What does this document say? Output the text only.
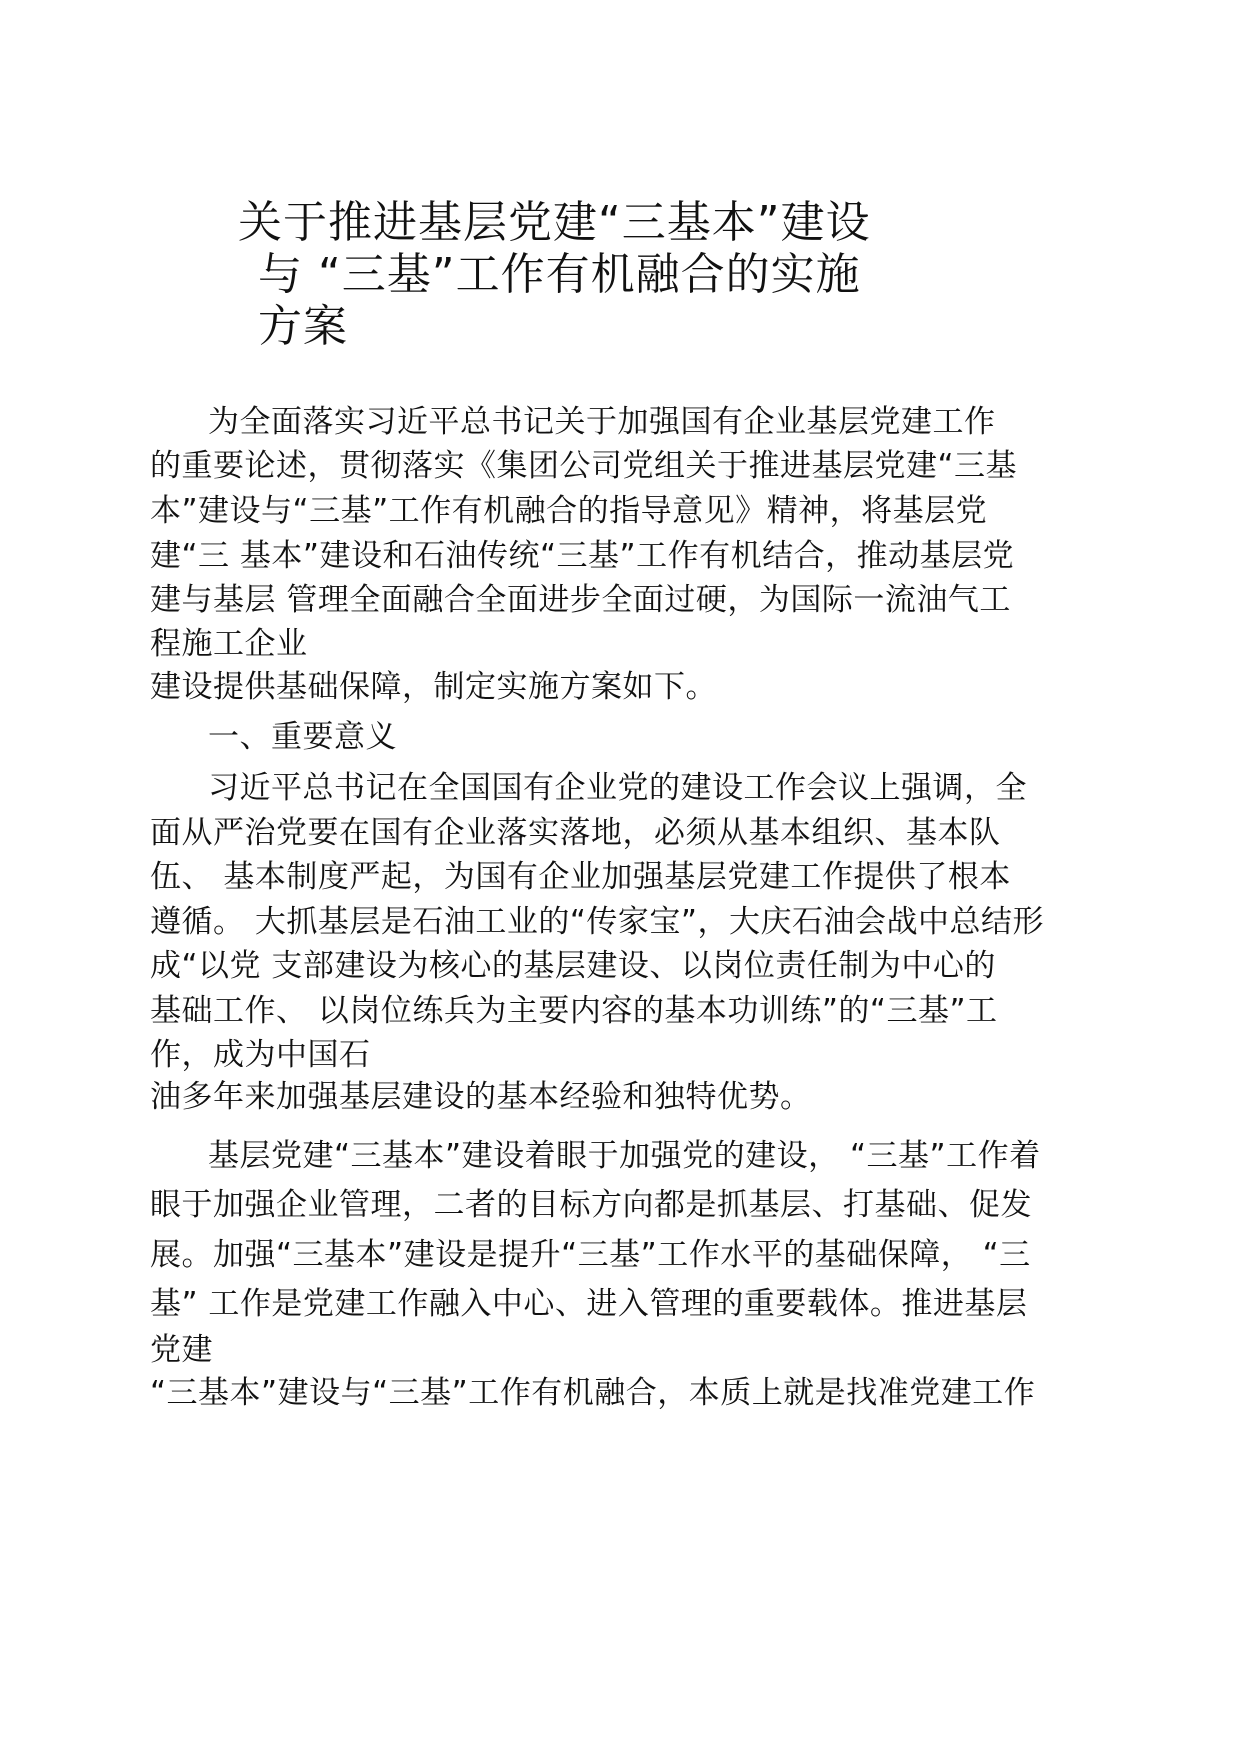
关于推进基层党建“三基本”建设
与 “三基”工作有机融合的实施
方案

为全面落实习近平总书记关于加强国有企业基层党建工作

的重要论述，贯彻落实《集团公司党组关于推进基层党建“三基

本”建设与“三基”工作有机融合的指导意见》精神，将基层党

建“三 基本”建设和石油传统“三基”工作有机结合，推动基层党

建与基层 管理全面融合全面进步全面过硬，为国际一流油气工

程施工企业

建设提供基础保障，制定实施方案如下。

一、重要意义

习近平总书记在全国国有企业党的建设工作会议上强调，全

面从严治党要在国有企业落实落地，必须从基本组织、基本队

伍、 基本制度严起，为国有企业加强基层党建工作提供了根本

遵循。 大抓基层是石油工业的“传家宝”，大庆石油会战中总结形

成“以党 支部建设为核心的基层建设、以岗位责任制为中心的

基础工作、 以岗位练兵为主要内容的基本功训练”的“三基”工

作，成为中国石

油多年来加强基层建设的基本经验和独特优势。

基层党建“三基本”建设着眼于加强党的建设， “三基”工作着

眼于加强企业管理，二者的目标方向都是抓基层、打基础、促发

展。加强“三基本”建设是提升“三基”工作水平的基础保障， “三

基” 工作是党建工作融入中心、进入管理的重要载体。推进基层

党建

“三基本”建设与“三基”工作有机融合，本质上就是找准党建工作
